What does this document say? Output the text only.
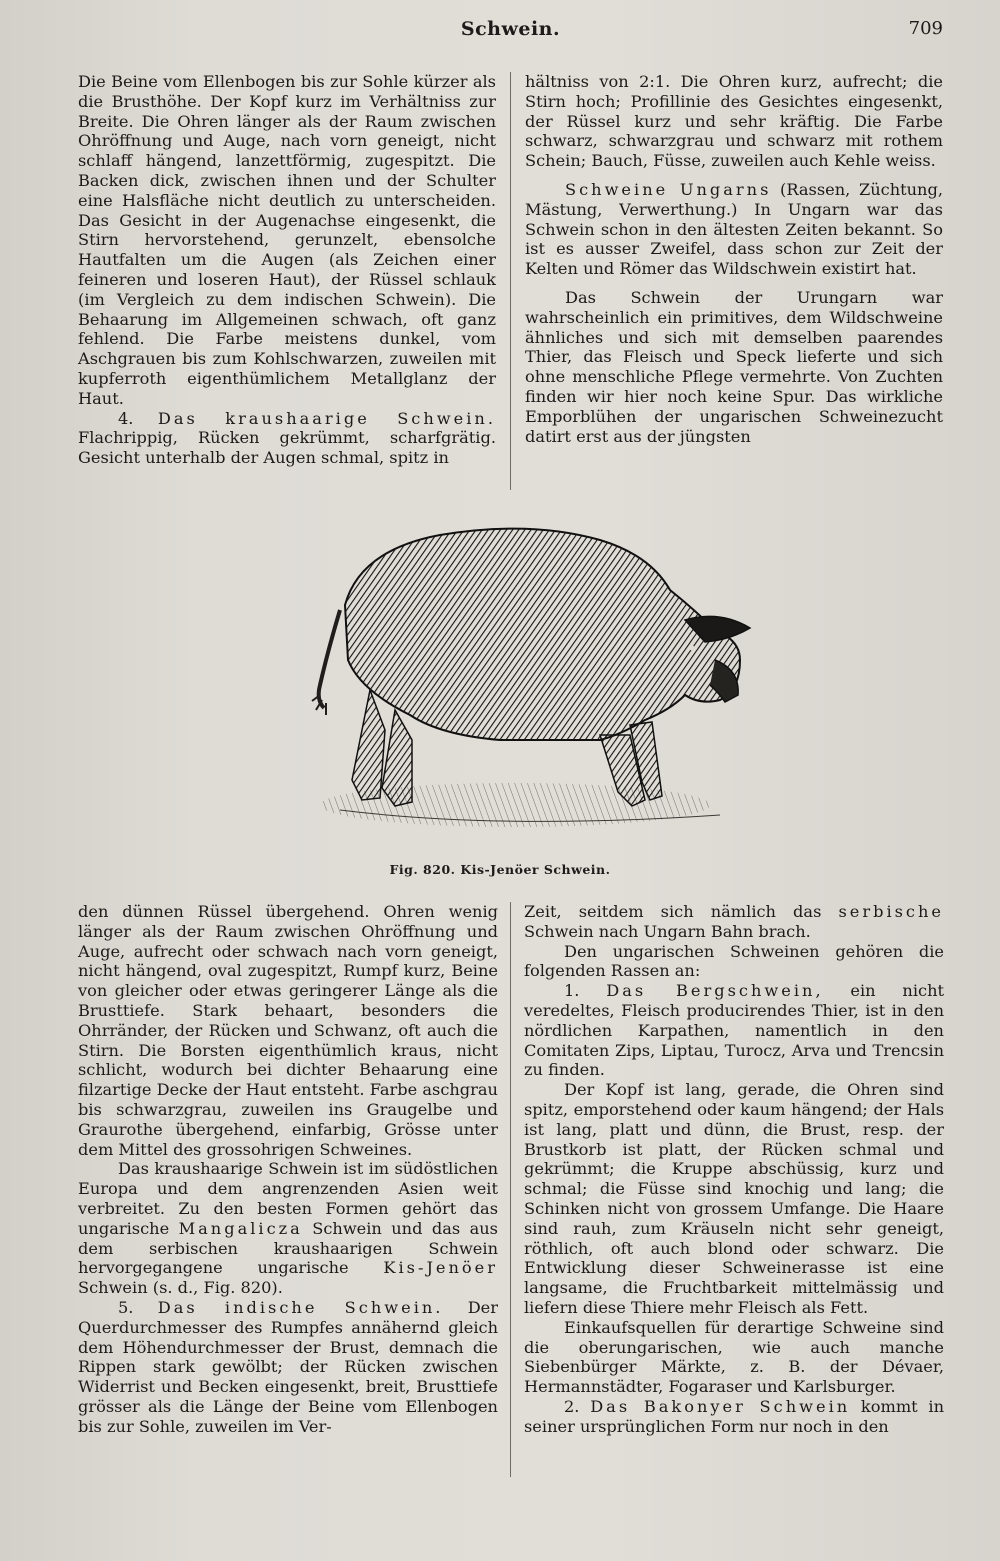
Schwein.	709

Die Beine vom Ellenbogen bis zur Sohle kürzer als die Brusthöhe. Der Kopf kurz im Verhältniss zur Breite. Die Ohren länger als der Raum zwischen Ohröffnung und Auge, nach vorn geneigt, nicht schlaff hängend, lanzettförmig, zugespitzt. Die Backen dick, zwischen ihnen und der Schulter eine Halsfläche nicht deutlich zu unterscheiden. Das Gesicht in der Augenachse eingesenkt, die Stirn hervorstehend, gerunzelt, ebensolche Hautfalten um die Augen (als Zeichen einer feineren und loseren Haut), der Rüssel schlauk (im Vergleich zu dem indischen Schwein). Die Behaarung im Allgemeinen schwach, oft ganz fehlend. Die Farbe meistens dunkel, vom Aschgrauen bis zum Kohlschwarzen, zuweilen mit kupferroth eigenthümlichem Metallglanz der Haut.

4. Das kraushaarige Schwein. Flachrippig, Rücken gekrümmt, scharfgrätig. Gesicht unterhalb der Augen schmal, spitz in

hältniss von 2:1. Die Ohren kurz, aufrecht; die Stirn hoch; Profillinie des Gesichtes eingesenkt, der Rüssel kurz und sehr kräftig. Die Farbe schwarz, schwarzgrau und schwarz mit rothem Schein; Bauch, Füsse, zuweilen auch Kehle weiss.

Schweine Ungarns (Rassen, Züchtung, Mästung, Verwerthung.) In Ungarn war das Schwein schon in den ältesten Zeiten bekannt. So ist es ausser Zweifel, dass schon zur Zeit der Kelten und Römer das Wildschwein existirt hat.

Das Schwein der Urungarn war wahrscheinlich ein primitives, dem Wildschweine ähnliches und sich mit demselben paarendes Thier, das Fleisch und Speck lieferte und sich ohne menschliche Pflege vermehrte. Von Zuchten finden wir hier noch keine Spur. Das wirkliche Emporblühen der ungarischen Schweinezucht datirt erst aus der jüngsten

Fig. 820. Kis-Jenöer Schwein.

den dünnen Rüssel übergehend. Ohren wenig länger als der Raum zwischen Ohröffnung und Auge, aufrecht oder schwach nach vorn geneigt, nicht hängend, oval zugespitzt, Rumpf kurz, Beine von gleicher oder etwas geringerer Länge als die Brusttiefe. Stark behaart, besonders die Ohrränder, der Rücken und Schwanz, oft auch die Stirn. Die Borsten eigenthümlich kraus, nicht schlicht, wodurch bei dichter Behaarung eine filzartige Decke der Haut entsteht. Farbe aschgrau bis schwarzgrau, zuweilen ins Graugelbe und Graurothe übergehend, einfarbig, Grösse unter dem Mittel des grossohrigen Schweines.

Das kraushaarige Schwein ist im südöstlichen Europa und dem angrenzenden Asien weit verbreitet. Zu den besten Formen gehört das ungarische Mangalicza Schwein und das aus dem serbischen kraushaarigen Schwein hervorgegangene ungarische Kis-Jenöer Schwein (s. d., Fig. 820).

5. Das indische Schwein. Der Querdurchmesser des Rumpfes annähernd gleich dem Höhendurchmesser der Brust, demnach die Rippen stark gewölbt; der Rücken zwischen Widerrist und Becken eingesenkt, breit, Brusttiefe grösser als die Länge der Beine vom Ellenbogen bis zur Sohle, zuweilen im Ver-

Zeit, seitdem sich nämlich das serbische Schwein nach Ungarn Bahn brach.

Den ungarischen Schweinen gehören die folgenden Rassen an:

1. Das Bergschwein, ein nicht veredeltes, Fleisch producirendes Thier, ist in den nördlichen Karpathen, namentlich in den Comitaten Zips, Liptau, Turocz, Arva und Trencsin zu finden.

Der Kopf ist lang, gerade, die Ohren sind spitz, emporstehend oder kaum hängend; der Hals ist lang, platt und dünn, die Brust, resp. der Brustkorb ist platt, der Rücken schmal und gekrümmt; die Kruppe abschüssig, kurz und schmal; die Füsse sind knochig und lang; die Schinken nicht von grossem Umfange. Die Haare sind rauh, zum Kräuseln nicht sehr geneigt, röthlich, oft auch blond oder schwarz. Die Entwicklung dieser Schweinerasse ist eine langsame, die Fruchtbarkeit mittelmässig und liefern diese Thiere mehr Fleisch als Fett.

Einkaufsquellen für derartige Schweine sind die oberungarischen, wie auch manche Siebenbürger Märkte, z. B. der Dévaer, Hermannstädter, Fogaraser und Karlsburger.

2. Das Bakonyer Schwein kommt in seiner ursprünglichen Form nur noch in den
